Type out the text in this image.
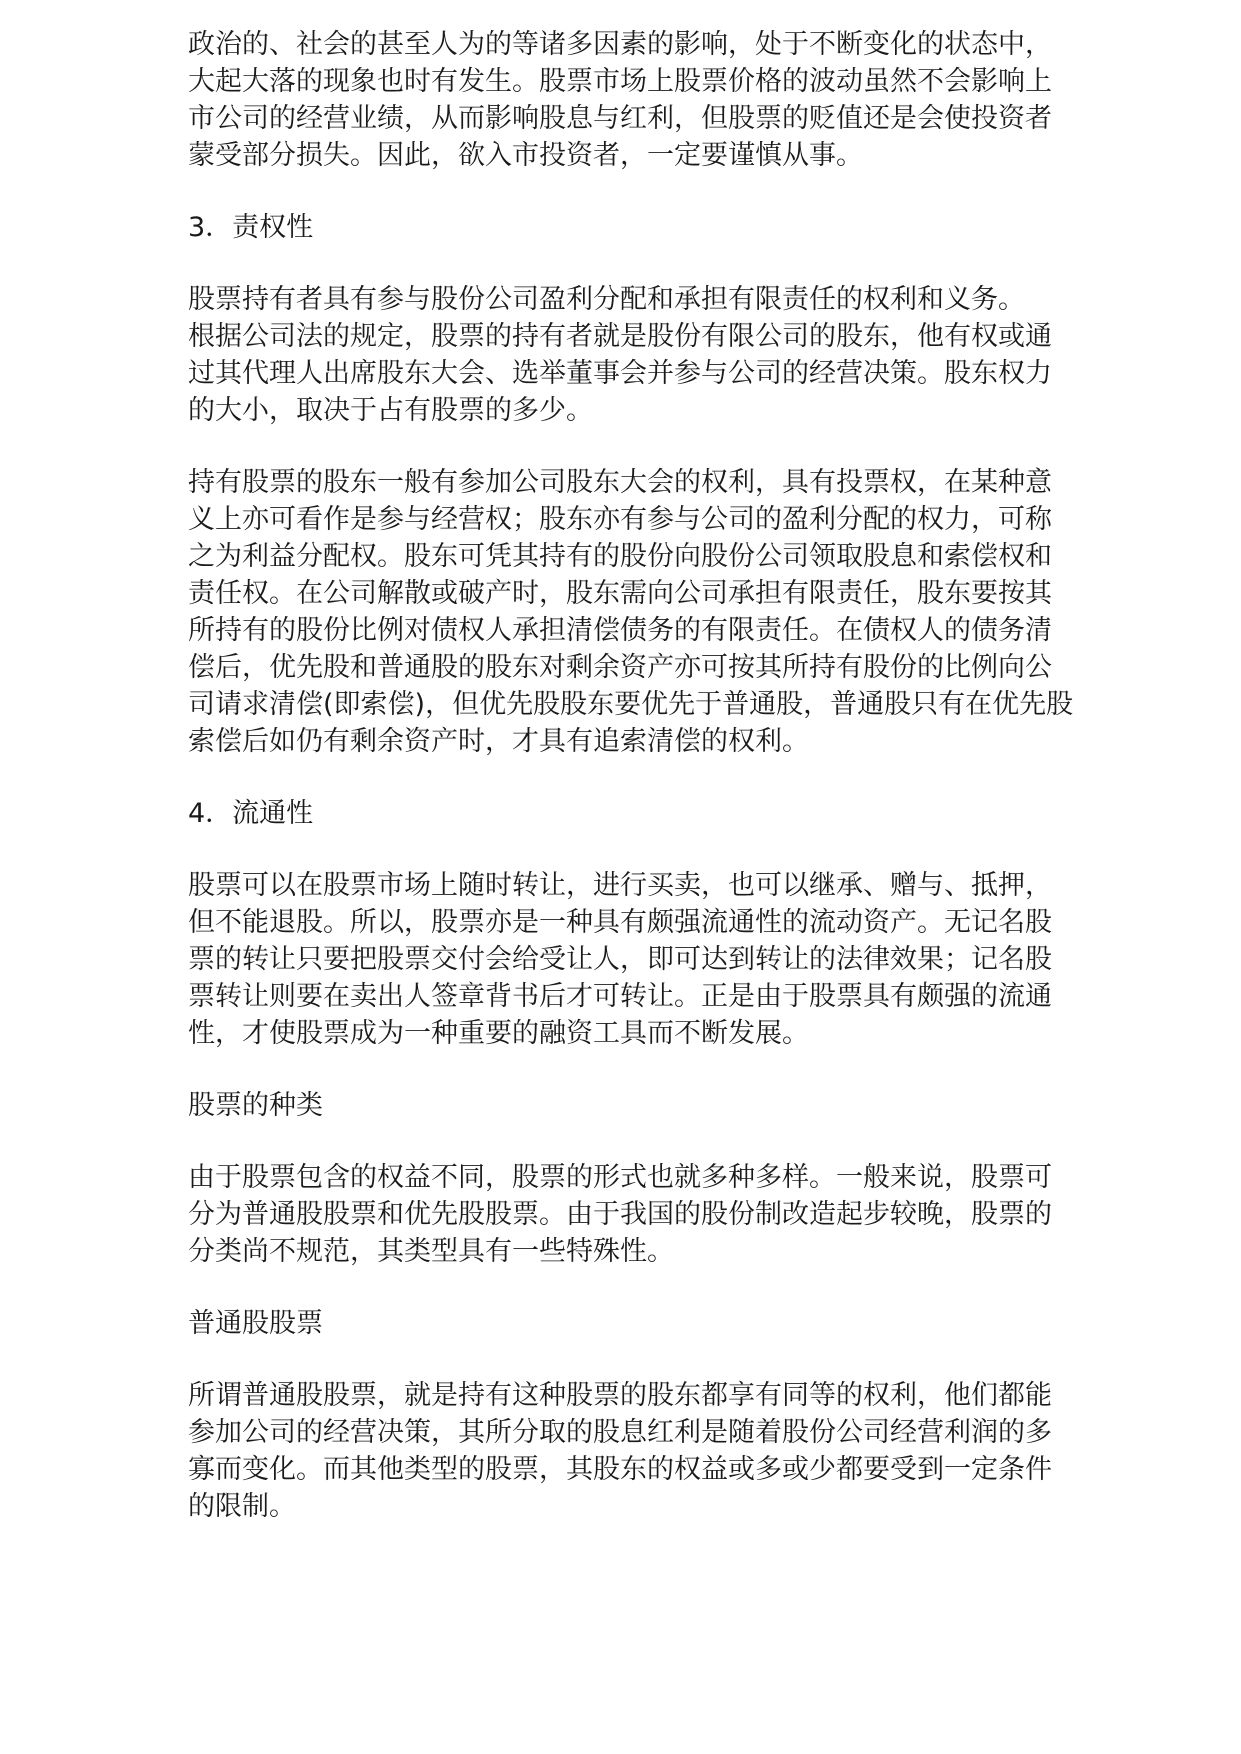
政治的、社会的甚至人为的等诸多因素的影响，处于不断变化的状态中，
大起大落的现象也时有发生。股票市场上股票价格的波动虽然不会影响上
市公司的经营业绩，从而影响股息与红利，但股票的贬值还是会使投资者
蒙受部分损失。因此，欲入市投资者，一定要谨慎从事。
3．责权性
股票持有者具有参与股份公司盈利分配和承担有限责任的权利和义务。
根据公司法的规定，股票的持有者就是股份有限公司的股东，他有权或通
过其代理人出席股东大会、选举董事会并参与公司的经营决策。股东权力
的大小，取决于占有股票的多少。
持有股票的股东一般有参加公司股东大会的权利，具有投票权，在某种意
义上亦可看作是参与经营权；股东亦有参与公司的盈利分配的权力，可称
之为利益分配权。股东可凭其持有的股份向股份公司领取股息和索偿权和
责任权。在公司解散或破产时，股东需向公司承担有限责任，股东要按其
所持有的股份比例对债权人承担清偿债务的有限责任。在债权人的债务清
偿后，优先股和普通股的股东对剩余资产亦可按其所持有股份的比例向公
司请求清偿(即索偿)，但优先股股东要优先于普通股，普通股只有在优先股
索偿后如仍有剩余资产时，才具有追索清偿的权利。
4．流通性
股票可以在股票市场上随时转让，进行买卖，也可以继承、赠与、抵押，
但不能退股。所以，股票亦是一种具有颇强流通性的流动资产。无记名股
票的转让只要把股票交付会给受让人，即可达到转让的法律效果；记名股
票转让则要在卖出人签章背书后才可转让。正是由于股票具有颇强的流通
性，才使股票成为一种重要的融资工具而不断发展。
股票的种类
由于股票包含的权益不同，股票的形式也就多种多样。一般来说，股票可
分为普通股股票和优先股股票。由于我国的股份制改造起步较晚，股票的
分类尚不规范，其类型具有一些特殊性。
普通股股票
所谓普通股股票，就是持有这种股票的股东都享有同等的权利，他们都能
参加公司的经营决策，其所分取的股息红利是随着股份公司经营利润的多
寡而变化。而其他类型的股票，其股东的权益或多或少都要受到一定条件
的限制。
